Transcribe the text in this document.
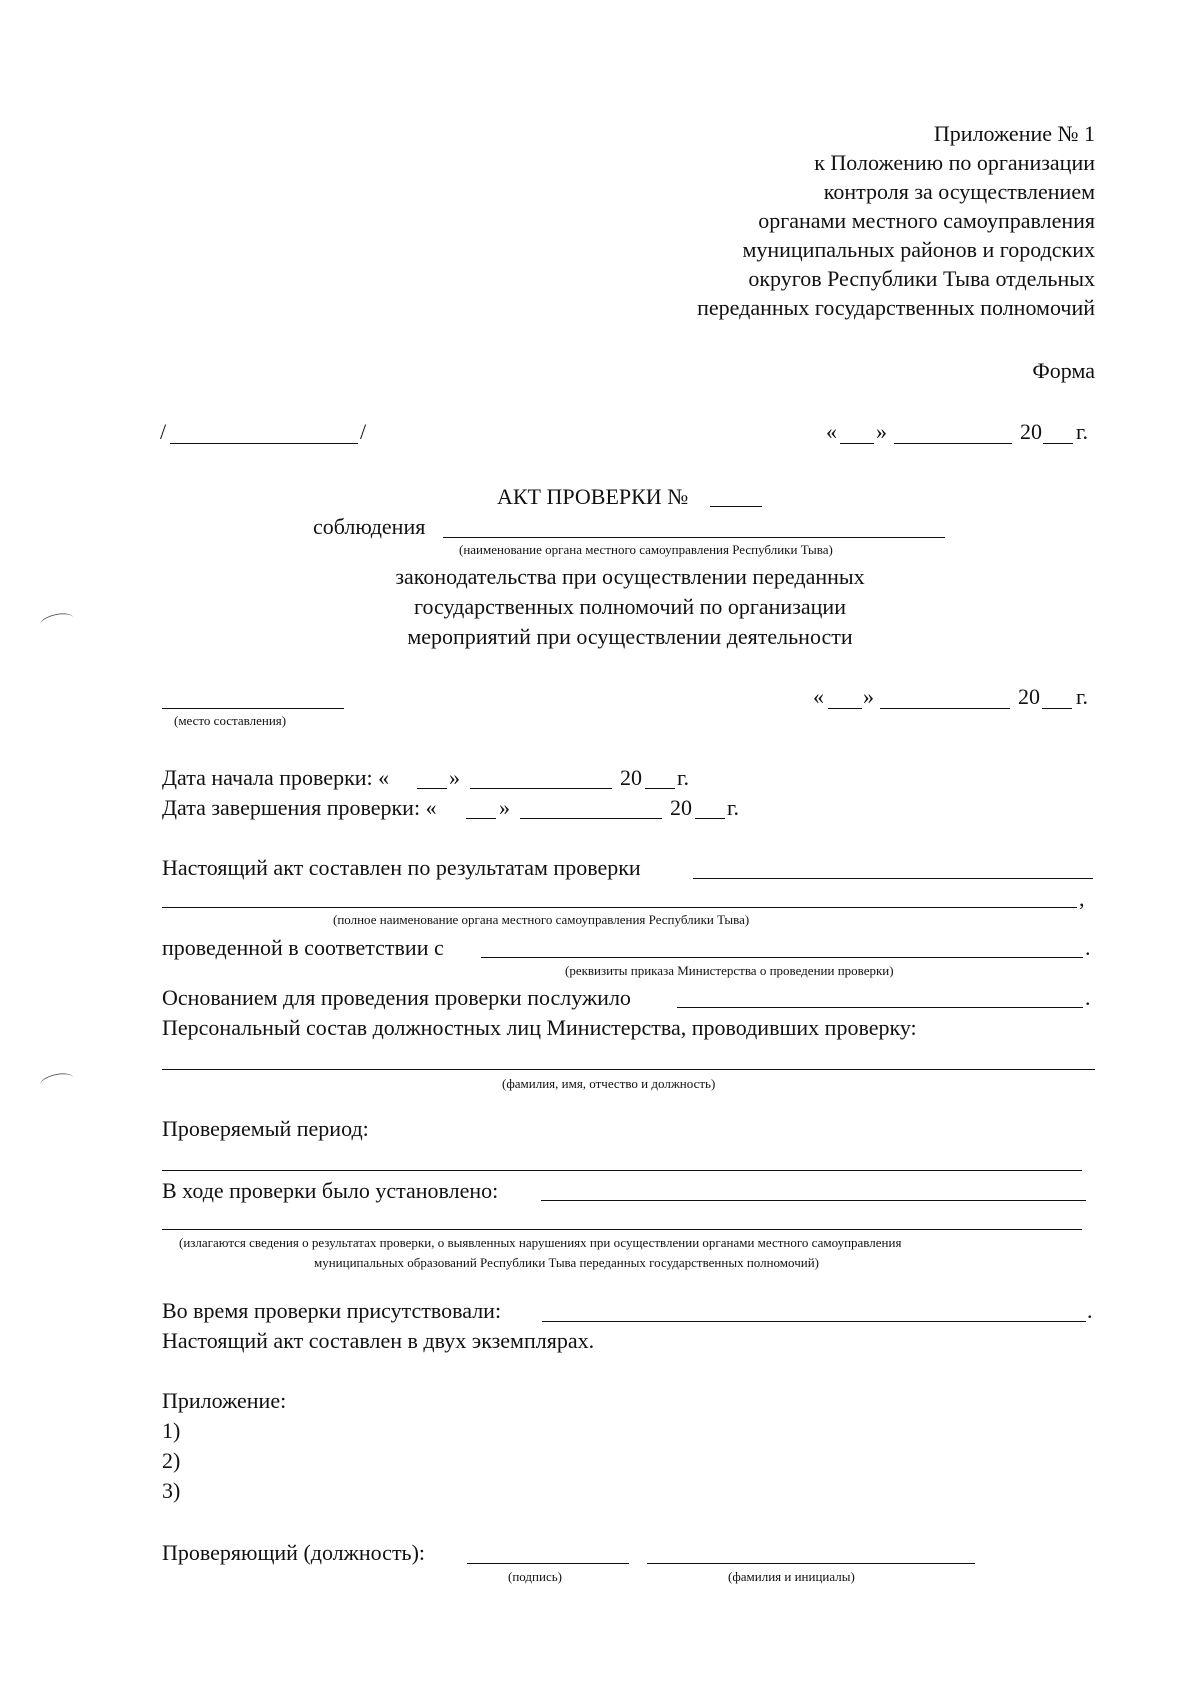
Приложение № 1
к Положению по организации
контроля за осуществлением
органами местного самоуправления
муниципальных районов и городских
округов Республики Тыва отдельных
переданных государственных полномочий
Форма
/	/	« »	20 г.
АКТ ПРОВЕРКИ №
соблюдения
(наименование органа местного самоуправления Республики Тыва)
законодательства при осуществлении переданных
государственных полномочий по организации
мероприятий при осуществлении деятельности
(место составления)
« »	20 г.
Дата начала проверки: «	»	20 г.
Дата завершения проверки: «	»	20 г.
Настоящий акт составлен по результатам проверки
,
(полное наименование органа местного самоуправления Республики Тыва)
проведенной в соответствии с	.
(реквизиты приказа Министерства о проведении проверки)
Основанием для проведения проверки послужило	.
Персональный состав должностных лиц Министерства, проводивших проверку:
(фамилия, имя, отчество и должность)
Проверяемый период:
В ходе проверки было установлено:
(излагаются сведения о результатах проверки, о выявленных нарушениях при осуществлении органами местного самоуправления
муниципальных образований Республики Тыва переданных государственных полномочий)
Во время проверки присутствовали:	.
Настоящий акт составлен в двух экземплярах.
Приложение:
1)
2)
3)
Проверяющий (должность):
(подпись)	(фамилия и инициалы)
